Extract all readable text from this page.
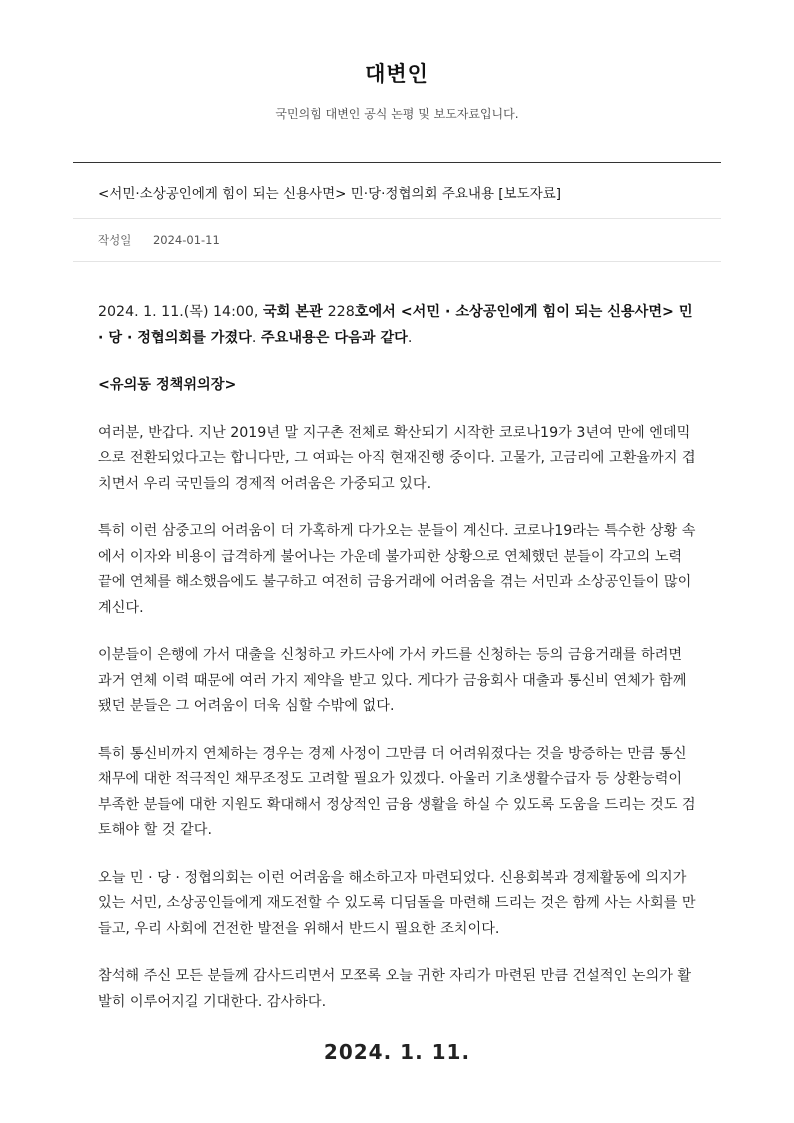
대변인
국민의힘 대변인 공식 논평 및 보도자료입니다.
<서민·소상공인에게 힘이 되는 신용사면> 민·당·정협의회 주요내용 [보도자료]
작성일 2024-01-11

2024. 1. 11.(목) 14:00, 국회 본관 228호에서 <서민 · 소상공인에게 힘이 되는 신용사면> 민 · 당 · 정협의회를 가졌다. 주요내용은 다음과 같다.

<유의동 정책위의장>

여러분, 반갑다. 지난 2019년 말 지구촌 전체로 확산되기 시작한 코로나19가 3년여 만에 엔데믹으로 전환되었다고는 합니다만, 그 여파는 아직 현재진행 중이다. 고물가, 고금리에 고환율까지 겹치면서 우리 국민들의 경제적 어려움은 가중되고 있다.

특히 이런 삼중고의 어려움이 더 가혹하게 다가오는 분들이 계신다. 코로나19라는 특수한 상황 속에서 이자와 비용이 급격하게 불어나는 가운데 불가피한 상황으로 연체했던 분들이 각고의 노력 끝에 연체를 해소했음에도 불구하고 여전히 금융거래에 어려움을 겪는 서민과 소상공인들이 많이 계신다.

이분들이 은행에 가서 대출을 신청하고 카드사에 가서 카드를 신청하는 등의 금융거래를 하려면 과거 연체 이력 때문에 여러 가지 제약을 받고 있다. 게다가 금융회사 대출과 통신비 연체가 함께 됐던 분들은 그 어려움이 더욱 심할 수밖에 없다.

특히 통신비까지 연체하는 경우는 경제 사정이 그만큼 더 어려워졌다는 것을 방증하는 만큼 통신 채무에 대한 적극적인 채무조정도 고려할 필요가 있겠다. 아울러 기초생활수급자 등 상환능력이 부족한 분들에 대한 지원도 확대해서 정상적인 금융 생활을 하실 수 있도록 도움을 드리는 것도 검토해야 할 것 같다.

오늘 민 · 당 · 정협의회는 이런 어려움을 해소하고자 마련되었다. 신용회복과 경제활동에 의지가 있는 서민, 소상공인들에게 재도전할 수 있도록 디딤돌을 마련해 드리는 것은 함께 사는 사회를 만들고, 우리 사회에 건전한 발전을 위해서 반드시 필요한 조치이다.

참석해 주신 모든 분들께 감사드리면서 모쪼록 오늘 귀한 자리가 마련된 만큼 건설적인 논의가 활발히 이루어지길 기대한다. 감사하다.

2024. 1. 11.
